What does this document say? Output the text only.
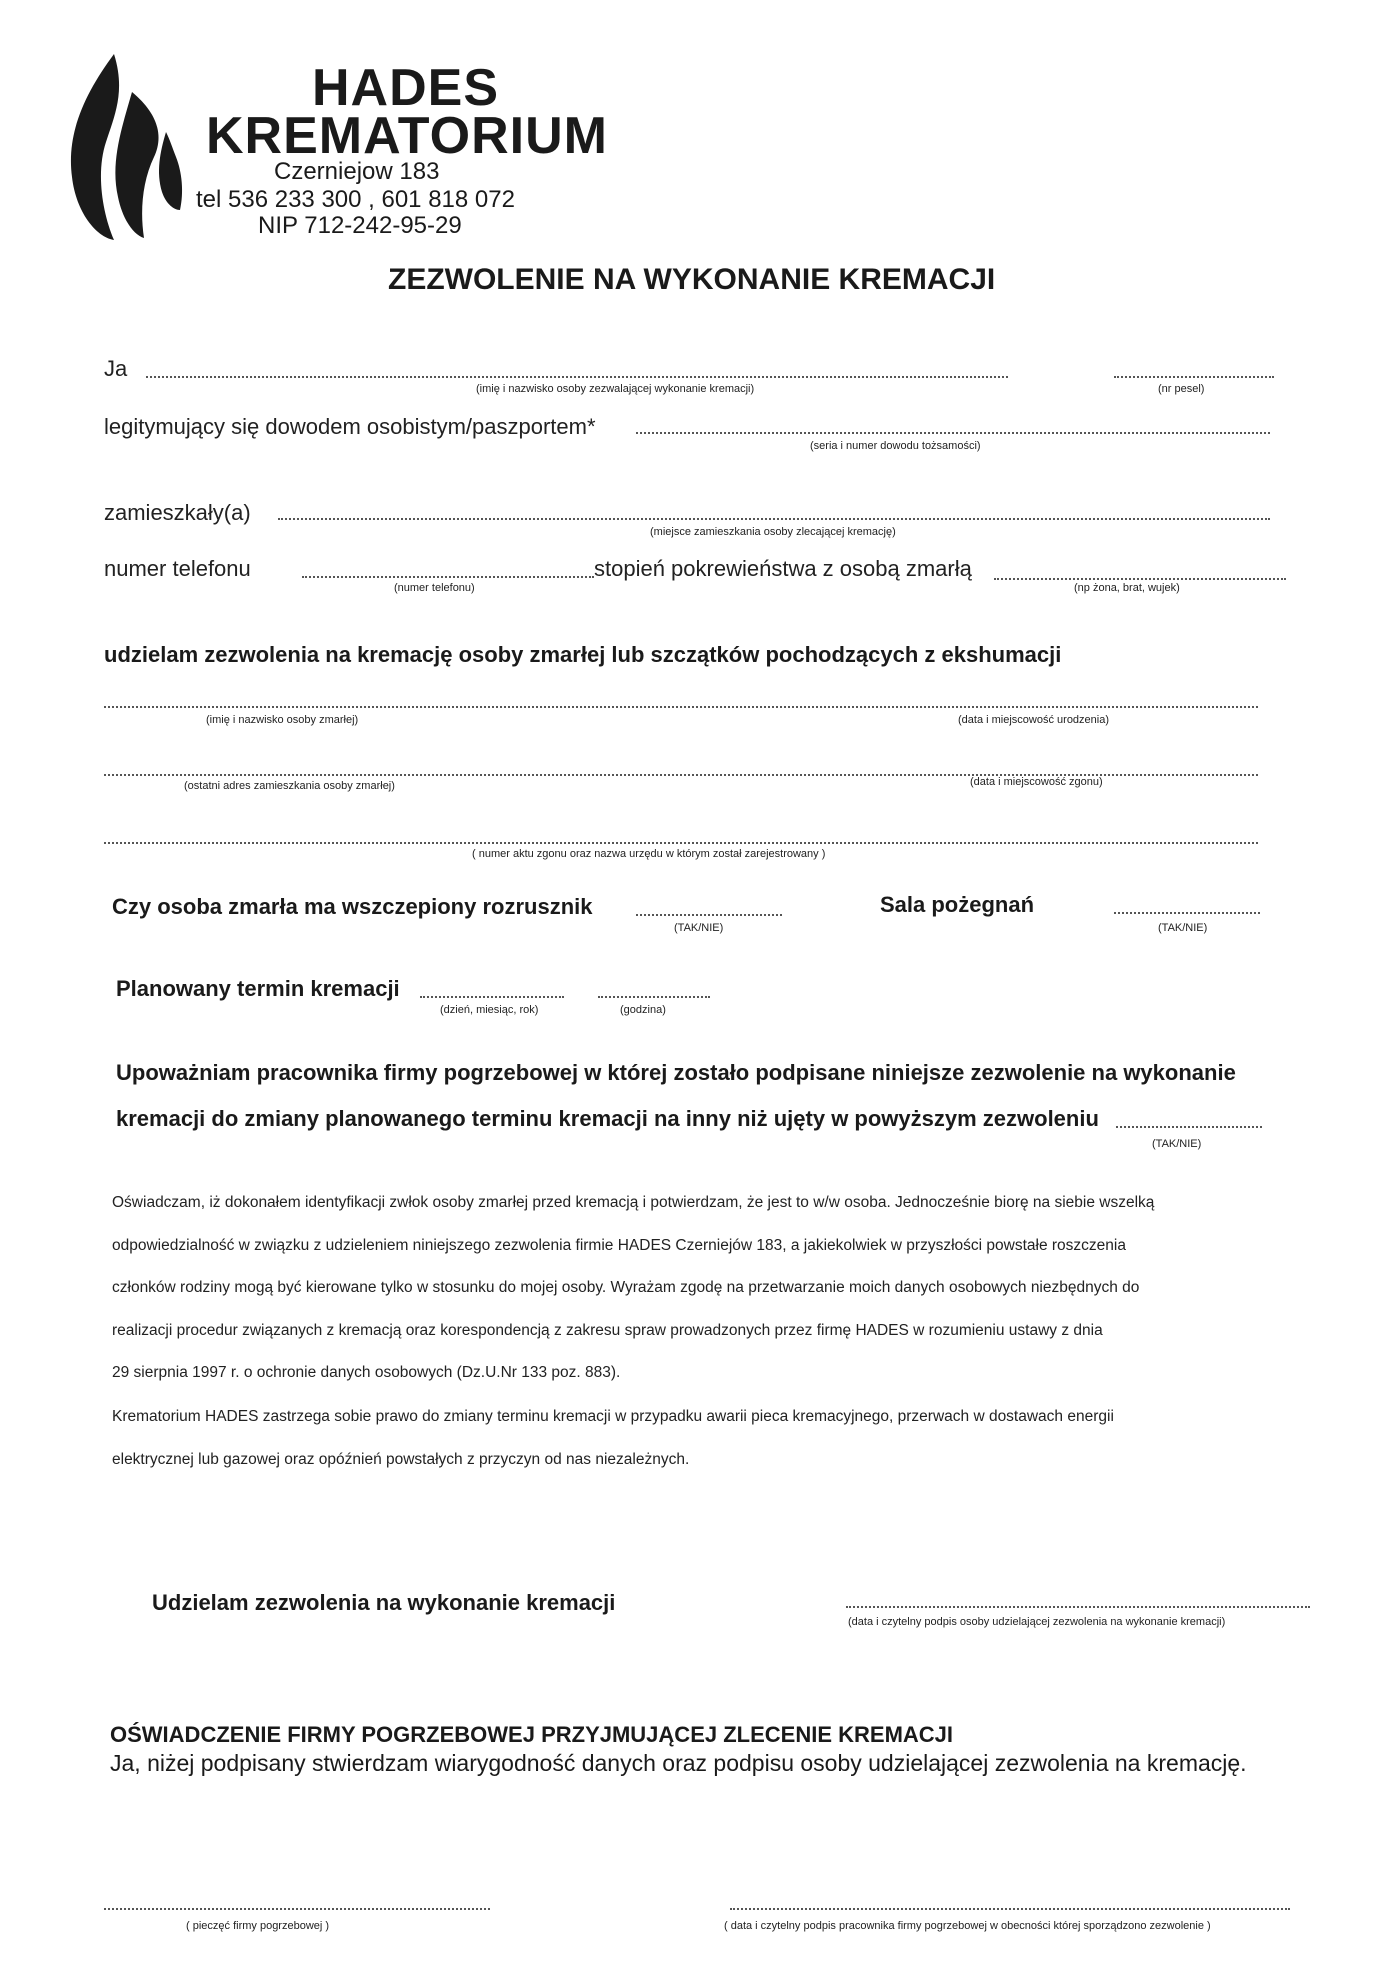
HADES
KREMATORIUM
Czerniejow 183
tel 536 233 300 , 601 818 072
NIP 712-242-95-29
ZEZWOLENIE NA WYKONANIE KREMACJI
Ja
(imię i nazwisko osoby zezwalającej wykonanie kremacji)	(nr pesel)
legitymujący się dowodem osobistym/paszportem*
(seria i numer dowodu tożsamości)
zamieszkały(a)
(miejsce zamieszkania osoby zlecającej kremację)
numer telefonu
(numer telefonu)
stopień pokrewieństwa z osobą zmarłą
(np żona, brat, wujek)
udzielam zezwolenia na kremację osoby zmarłej lub szczątków pochodzących z ekshumacji
(imię i nazwisko osoby zmarłej)	(data i miejscowość urodzenia)
(ostatni adres zamieszkania osoby zmarłej)	(data i miejscowość zgonu)
( numer aktu zgonu oraz nazwa urzędu w którym został zarejestrowany )
Czy osoba zmarła ma wszczepiony rozrusznik
(TAK/NIE)
Sala pożegnań
(TAK/NIE)
Planowany termin kremacji
(dzień, miesiąc, rok)	(godzina)
Upoważniam pracownika firmy pogrzebowej w której zostało podpisane niniejsze zezwolenie na wykonanie
kremacji do zmiany planowanego terminu kremacji na inny niż ujęty w powyższym zezwoleniu
(TAK/NIE)

Oświadczam, iż dokonałem identyfikacji zwłok osoby zmarłej przed kremacją i potwierdzam, że jest to w/w osoba. Jednocześnie biorę na siebie wszelką

odpowiedzialność w związku z udzieleniem niniejszego zezwolenia firmie HADES Czerniejów 183, a jakiekolwiek w przyszłości powstałe roszczenia

członków rodziny mogą być kierowane tylko w stosunku do mojej osoby. Wyrażam zgodę na przetwarzanie moich danych osobowych niezbędnych do

realizacji procedur związanych z kremacją oraz korespondencją z zakresu spraw prowadzonych przez firmę HADES w rozumieniu ustawy z dnia

29 sierpnia 1997 r. o ochronie danych osobowych (Dz.U.Nr 133 poz. 883).

Krematorium HADES zastrzega sobie prawo do zmiany terminu kremacji w przypadku awarii pieca kremacyjnego, przerwach w dostawach energii

elektrycznej lub gazowej oraz opóźnień powstałych z przyczyn od nas niezależnych.

Udzielam zezwolenia na wykonanie kremacji
(data i czytelny podpis osoby udzielającej zezwolenia na wykonanie kremacji)
OŚWIADCZENIE FIRMY POGRZEBOWEJ PRZYJMUJĄCEJ ZLECENIE KREMACJI
Ja, niżej podpisany stwierdzam wiarygodność danych oraz podpisu osoby udzielającej zezwolenia na kremację.
( pieczęć firmy pogrzebowej )	( data i czytelny podpis pracownika firmy pogrzebowej w obecności której sporządzono zezwolenie )
